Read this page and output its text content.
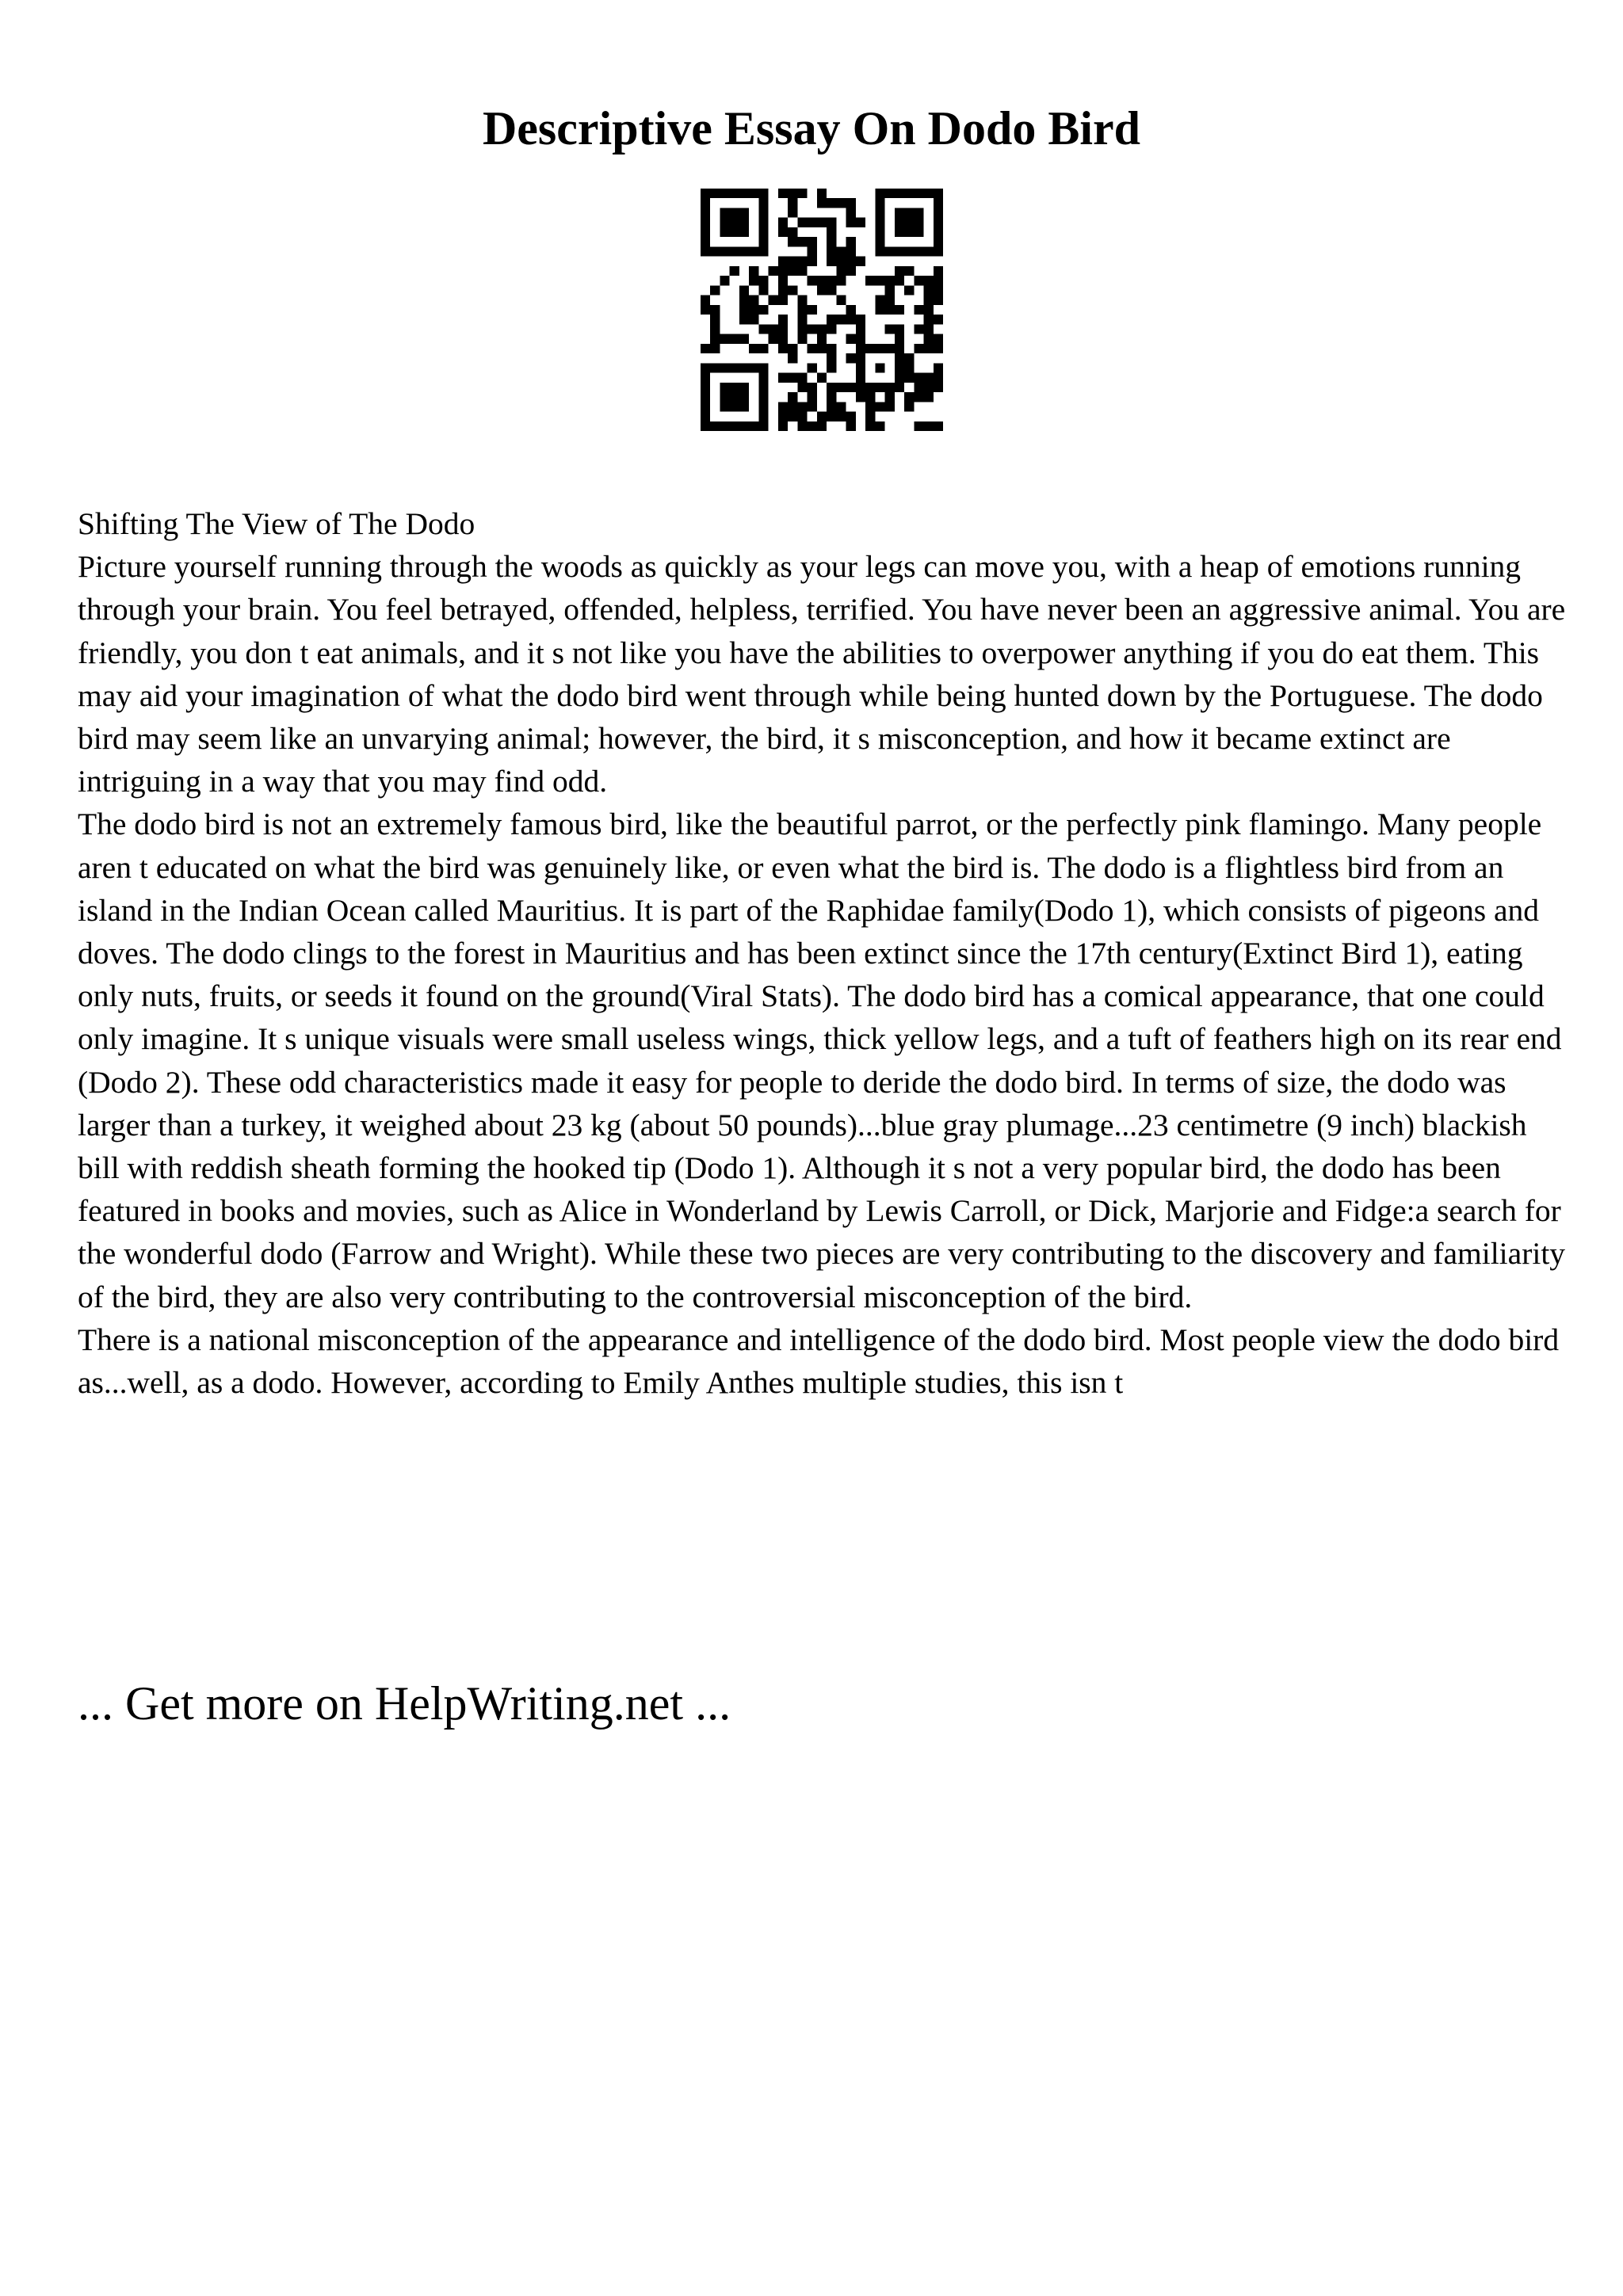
Descriptive Essay On Dodo Bird

Shifting The View of The Dodo

Picture yourself running through the woods as quickly as your legs can move you, with a heap of emotions running through your brain. You feel betrayed, offended, helpless, terrified. You have never been an aggressive animal. You are friendly, you don t eat animals, and it s not like you have the abilities to overpower anything if you do eat them. This may aid your imagination of what the dodo bird went through while being hunted down by the Portuguese. The dodo bird may seem like an unvarying animal; however, the bird, it s misconception, and how it became extinct are intriguing in a way that you may find odd.

The dodo bird is not an extremely famous bird, like the beautiful parrot, or the perfectly pink flamingo. Many people aren t educated on what the bird was genuinely like, or even what the bird is. The dodo is a flightless bird from an island in the Indian Ocean called Mauritius. It is part of the Raphidae family(Dodo 1), which consists of pigeons and doves. The dodo clings to the forest in Mauritius and has been extinct since the 17th century(Extinct Bird 1), eating only nuts, fruits, or seeds it found on the ground(Viral Stats). The dodo bird has a comical appearance, that one could only imagine. It s unique visuals were small useless wings, thick yellow legs, and a tuft of feathers high on its rear end (Dodo 2). These odd characteristics made it easy for people to deride the dodo bird. In terms of size, the dodo was larger than a turkey, it weighed about 23 kg (about 50 pounds)...blue gray plumage...23 centimetre (9 inch) blackish bill with reddish sheath forming the hooked tip (Dodo 1). Although it s not a very popular bird, the dodo has been featured in books and movies, such as Alice in Wonderland by Lewis Carroll, or Dick, Marjorie and Fidge:a search for the wonderful dodo (Farrow and Wright). While these two pieces are very contributing to the discovery and familiarity of the bird, they are also very contributing to the controversial misconception of the bird.

There is a national misconception of the appearance and intelligence of the dodo bird. Most people view the dodo bird as...well, as a dodo. However, according to Emily Anthes multiple studies, this isn t

... Get more on HelpWriting.net ...
